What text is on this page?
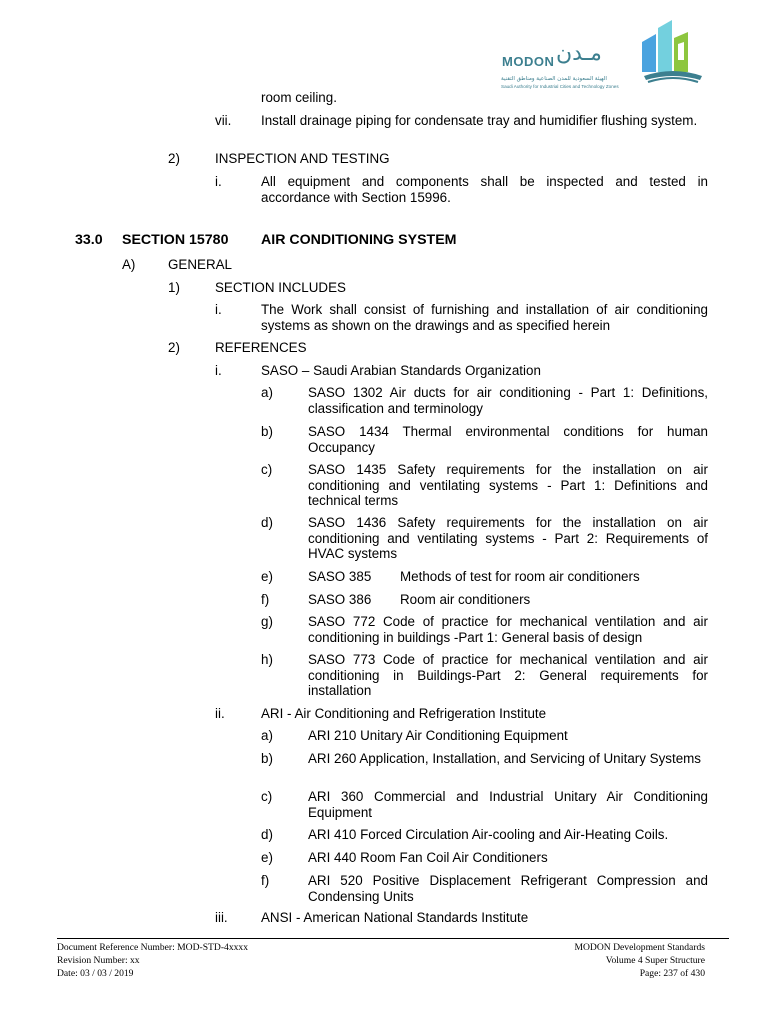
MODON مـدن
الهيئة السعودية للمدن الصناعية ومناطق التقنية
Saudi Authority for Industrial Cities and Technology Zones
room ceiling.
vii. Install drainage piping for condensate tray and humidifier flushing system.
2)	INSPECTION AND TESTING
i.	All equipment and components shall be inspected and tested in accordance with Section 15996.
33.0 SECTION 15780 AIR CONDITIONING SYSTEM
A) GENERAL
1)	SECTION INCLUDES
i.	The Work shall consist of furnishing and installation of air conditioning systems as shown on the drawings and as specified herein
2)	REFERENCES
i.	SASO – Saudi Arabian Standards Organization
a)	SASO 1302 Air ducts for air conditioning - Part 1: Definitions, classification and terminology
b)	SASO 1434 Thermal environmental conditions for human Occupancy
c)	SASO 1435 Safety requirements for the installation on air conditioning and ventilating systems - Part 1: Definitions and technical terms
d)	SASO 1436 Safety requirements for the installation on air conditioning and ventilating systems - Part 2: Requirements of HVAC systems
e)	SASO 385 Methods of test for room air conditioners
f)	SASO 386 Room air conditioners
g)	SASO 772 Code of practice for mechanical ventilation and air conditioning in buildings -Part 1: General basis of design
h)	SASO 773 Code of practice for mechanical ventilation and air conditioning in Buildings-Part 2: General requirements for installation
ii.	ARI - Air Conditioning and Refrigeration Institute
a)	ARI 210 Unitary Air Conditioning Equipment
b)	ARI 260 Application, Installation, and Servicing of Unitary Systems
c)	ARI 360 Commercial and Industrial Unitary Air Conditioning Equipment
d)	ARI 410 Forced Circulation Air-cooling and Air-Heating Coils.
e)	ARI 440 Room Fan Coil Air Conditioners
f)	ARI 520 Positive Displacement Refrigerant Compression and Condensing Units
iii. ANSI - American National Standards Institute
Document Reference Number: MOD-STD-4xxxx
Revision Number: xx
Date: 03 / 03 / 2019
MODON Development Standards
Volume 4 Super Structure
Page: 237 of 430
